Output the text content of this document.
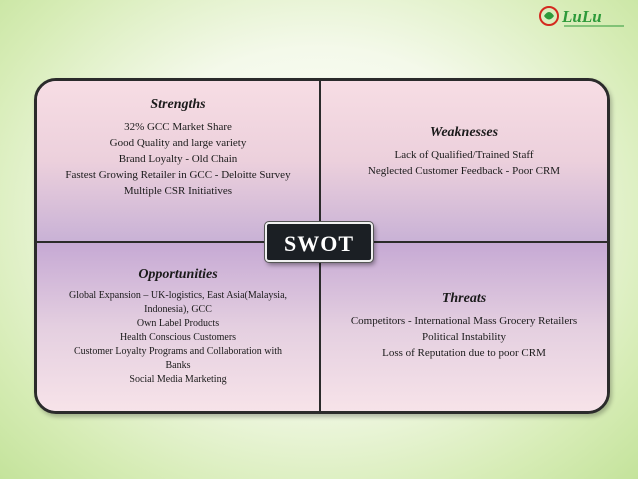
LuLu
Strengths
32% GCC Market Share
Good Quality and large variety
Brand Loyalty - Old Chain
Fastest Growing Retailer in GCC - Deloitte Survey
Multiple CSR Initiatives
Weaknesses
Lack of Qualified/Trained Staff
Neglected Customer Feedback - Poor CRM
Opportunities
Global Expansion – UK-logistics, East Asia(Malaysia, Indonesia), GCC
Own Label Products
Health Conscious Customers
Customer Loyalty Programs and Collaboration with Banks
Social Media Marketing
Threats
Competitors - International Mass Grocery Retailers
Political Instability
Loss of Reputation due to poor CRM
SWOT
